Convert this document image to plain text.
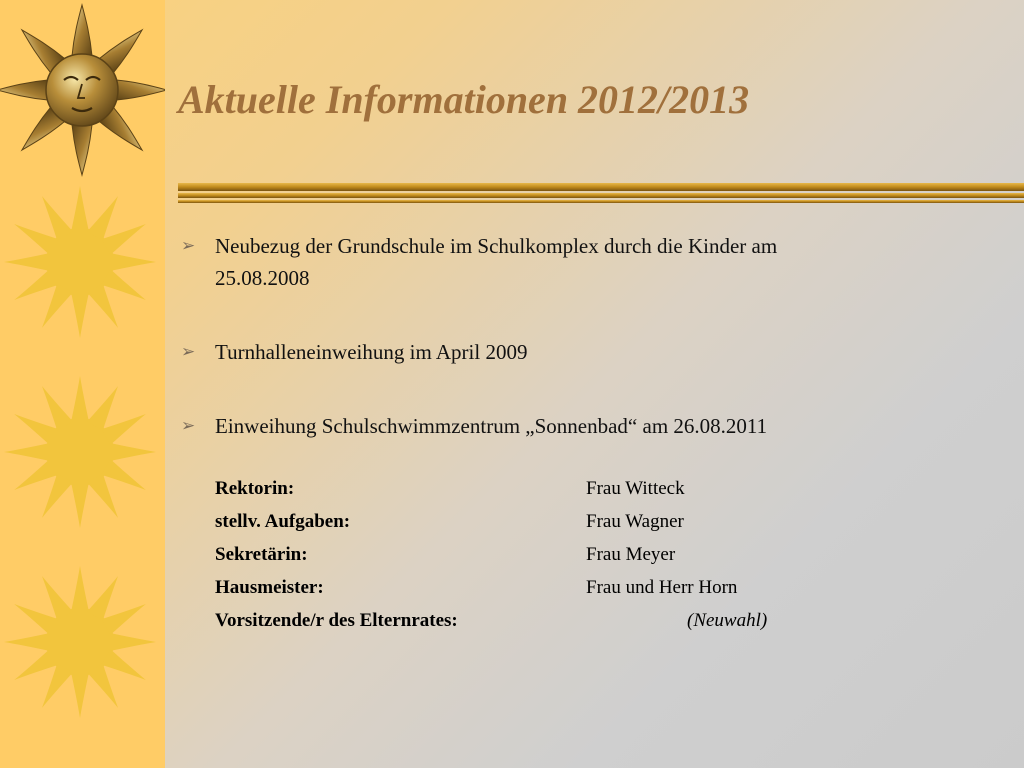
Aktuelle Informationen 2012/2013
➢ Neubezug der Grundschule im Schulkomplex durch die Kinder am
25.08.2008
➢ Turnhalleneinweihung im April 2009
➢ Einweihung Schulschwimmzentrum „Sonnenbad“ am 26.08.2011
Rektorin:	Frau Witteck
stellv. Aufgaben:	Frau Wagner
Sekretärin:	Frau Meyer
Hausmeister:	Frau und Herr Horn
Vorsitzende/r des Elternrates:	(Neuwahl)
